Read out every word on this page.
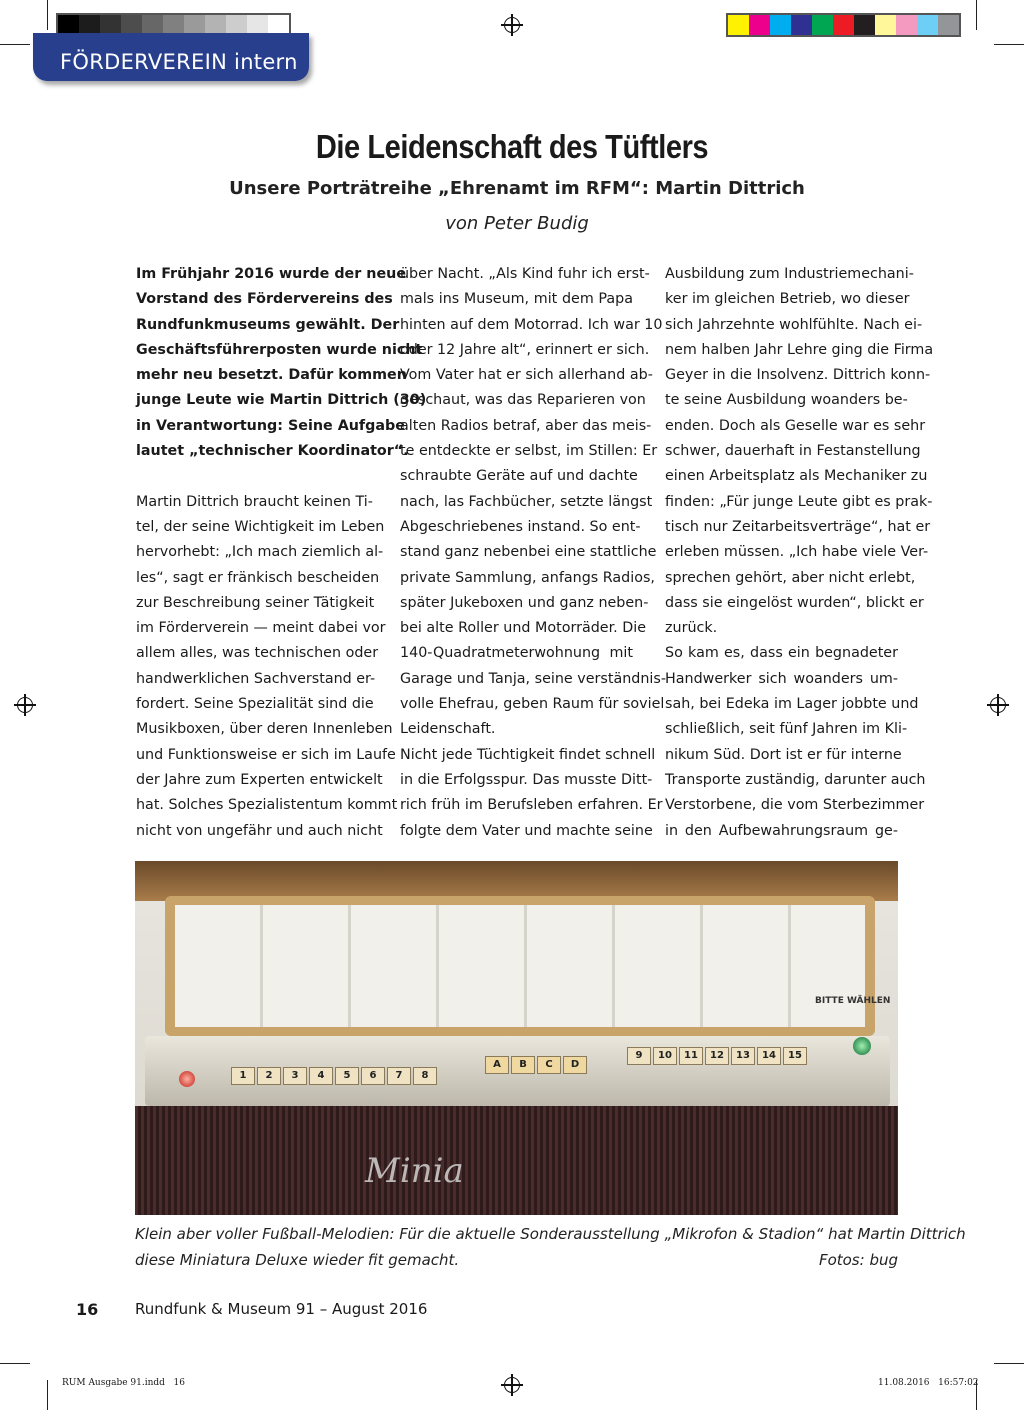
FÖRDERVEREIN intern
Die Leidenschaft des Tüftlers
Unsere Porträtreihe „Ehrenamt im RFM“: Martin Dittrich
von Peter Budig
Im Frühjahr 2016 wurde der neue
Vorstand des Fördervereins des
Rundfunkmuseums gewählt. Der
Geschäftsführerposten wurde nicht
mehr neu besetzt. Dafür kommen
junge Leute wie Martin Dittrich (30)
in Verantwortung: Seine Aufgabe
lautet „technischer Koordinator“.
Martin Dittrich braucht keinen Ti-
tel, der seine Wichtigkeit im Leben
hervorhebt: „Ich mach ziemlich al-
les“, sagt er fränkisch bescheiden
zur Beschreibung seiner Tätigkeit
im Förderverein — meint dabei vor
allem alles, was technischen oder
handwerklichen Sachverstand er-
fordert. Seine Spezialität sind die
Musikboxen, über deren Innenleben
und Funktionsweise er sich im Laufe
der Jahre zum Experten entwickelt
hat. Solches Spezialistentum kommt
nicht von ungefähr und auch nicht
über Nacht. „Als Kind fuhr ich erst-
mals ins Museum, mit dem Papa
hinten auf dem Motorrad. Ich war 10
oder 12 Jahre alt“, erinnert er sich.
Vom Vater hat er sich allerhand ab-
geschaut, was das Reparieren von
alten Radios betraf, aber das meis-
te entdeckte er selbst, im Stillen: Er
schraubte Geräte auf und dachte
nach, las Fachbücher, setzte längst
Abgeschriebenes instand. So ent-
stand ganz nebenbei eine stattliche
private Sammlung, anfangs Radios,
später Jukeboxen und ganz neben-
bei alte Roller und Motorräder. Die
140-Quadratmeterwohnung mit
Garage und Tanja, seine verständnis-
volle Ehefrau, geben Raum für soviel
Leidenschaft.
Nicht jede Tüchtigkeit findet schnell
in die Erfolgsspur. Das musste Ditt-
rich früh im Berufsleben erfahren. Er
folgte dem Vater und machte seine
Ausbildung zum Industriemechani-
ker im gleichen Betrieb, wo dieser
sich Jahrzehnte wohlfühlte. Nach ei-
nem halben Jahr Lehre ging die Firma
Geyer in die Insolvenz. Dittrich konn-
te seine Ausbildung woanders be-
enden. Doch als Geselle war es sehr
schwer, dauerhaft in Festanstellung
einen Arbeitsplatz als Mechaniker zu
finden: „Für junge Leute gibt es prak-
tisch nur Zeitarbeitsverträge“, hat er
erleben müssen. „Ich habe viele Ver-
sprechen gehört, aber nicht erlebt,
dass sie eingelöst wurden“, blickt er
zurück.
So kam es, dass ein begnadeter
Handwerker sich woanders um-
sah, bei Edeka im Lager jobbte und
schließlich, seit fünf Jahren im Kli-
nikum Süd. Dort ist er für interne
Transporte zuständig, darunter auch
Verstorbene, die vom Sterbezimmer
in den Aufbewahrungsraum ge-
BITTE WÄHLEN
1	2	3	4	5	6	7	8
A	B	C	D
9	10	11	12	13	14	15
Minia
Klein aber voller Fußball-Melodien: Für die aktuelle Sonderausstellung „Mikrofon & Stadion“ hat Martin Dittrich
diese Miniatura Deluxe wieder fit gemacht.	Fotos: bug
16 Rundfunk & Museum 91 – August 2016
RUM Ausgabe 91.indd   16	11.08.2016   16:57:02
